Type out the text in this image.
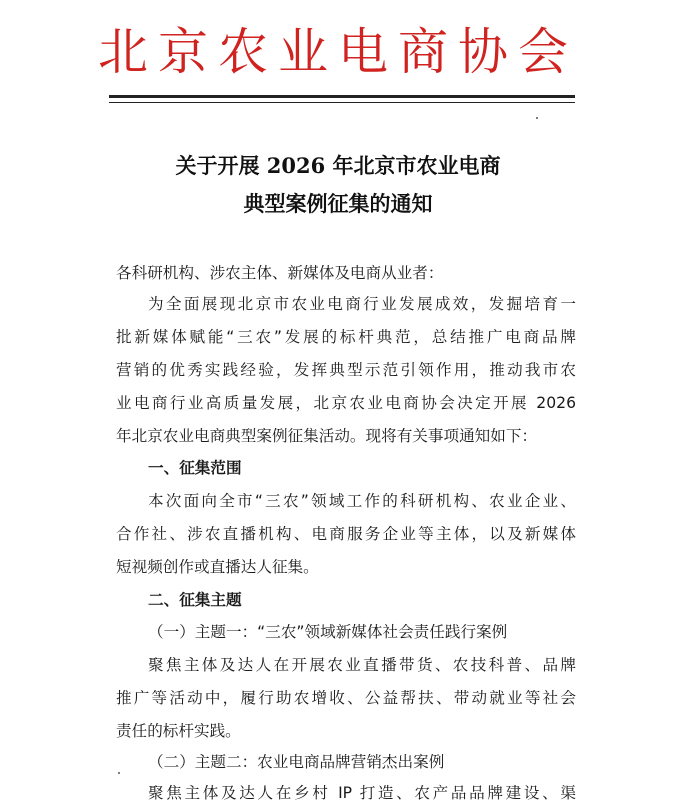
北京农业电商协会
关于开展 2026 年北京市农业电商
典型案例征集的通知
各科研机构、涉农主体、新媒体及电商从业者：
为全面展现北京市农业电商行业发展成效，发掘培育一
批新媒体赋能“三农”发展的标杆典范，总结推广电商品牌
营销的优秀实践经验，发挥典型示范引领作用，推动我市农
业电商行业高质量发展，北京农业电商协会决定开展 2026
年北京农业电商典型案例征集活动。现将有关事项通知如下：
一、征集范围
本次面向全市“三农”领域工作的科研机构、农业企业、
合作社、涉农直播机构、电商服务企业等主体，以及新媒体
短视频创作或直播达人征集。
二、征集主题
（一）主题一：“三农”领域新媒体社会责任践行案例
聚焦主体及达人在开展农业直播带货、农技科普、品牌
推广等活动中，履行助农增收、公益帮扶、带动就业等社会
责任的标杆实践。
（二）主题二：农业电商品牌营销杰出案例
聚焦主体及达人在乡村 IP 打造、农产品品牌建设、渠
